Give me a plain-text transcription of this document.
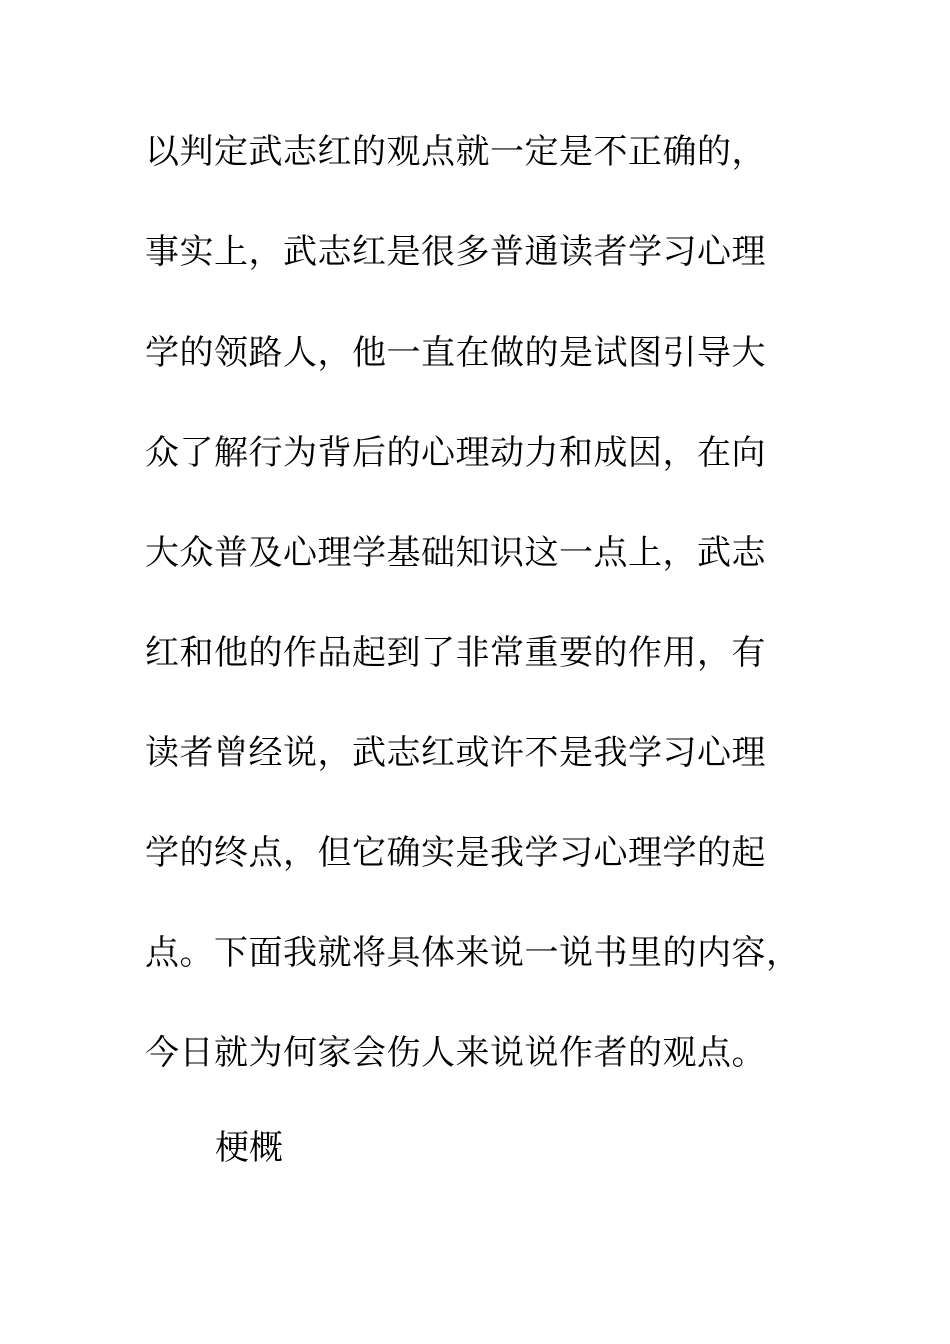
以判定武志红的观点就一定是不正确的，
事实上，武志红是很多普通读者学习心理
学的领路人，他一直在做的是试图引导大
众了解行为背后的心理动力和成因，在向
大众普及心理学基础知识这一点上，武志
红和他的作品起到了非常重要的作用，有
读者曾经说，武志红或许不是我学习心理
学的终点，但它确实是我学习心理学的起
点。下面我就将具体来说一说书里的内容，
今日就为何家会伤人来说说作者的观点。
梗概
